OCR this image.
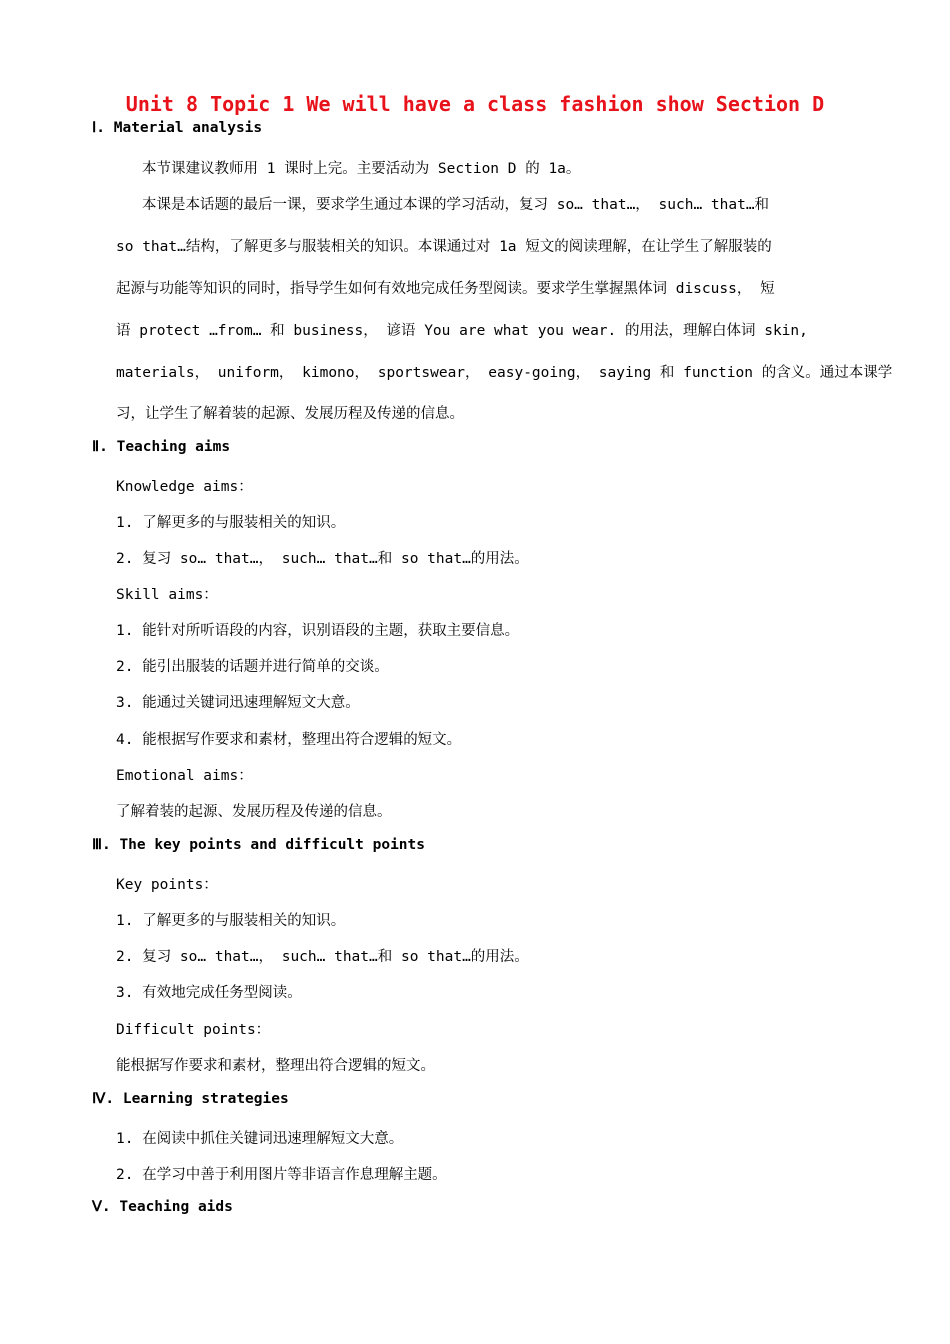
Unit 8 Topic 1 We will have a class fashion show Section D
Ⅰ. Material analysis
本节课建议教师用 1 课时上完。主要活动为 Section D 的 1a。
本课是本话题的最后一课，要求学生通过本课的学习活动，复习 so… that…， such… that…和
so that…结构，了解更多与服装相关的知识。本课通过对 1a 短文的阅读理解，在让学生了解服装的
起源与功能等知识的同时，指导学生如何有效地完成任务型阅读。要求学生掌握黑体词 discuss， 短
语 protect …from… 和 business， 谚语 You are what you wear. 的用法，理解白体词 skin,
materials， uniform， kimono， sportswear， easy-going， saying 和 function 的含义。通过本课学
习，让学生了解着装的起源、发展历程及传递的信息。
Ⅱ. Teaching aims
Knowledge aims：
1. 了解更多的与服装相关的知识。
2. 复习 so… that…， such… that…和 so that…的用法。
Skill aims：
1. 能针对所听语段的内容，识别语段的主题，获取主要信息。
2. 能引出服装的话题并进行简单的交谈。
3. 能通过关键词迅速理解短文大意。
4. 能根据写作要求和素材，整理出符合逻辑的短文。
Emotional aims：
了解着装的起源、发展历程及传递的信息。
Ⅲ. The key points and difficult points
Key points：
1. 了解更多的与服装相关的知识。
2. 复习 so… that…， such… that…和 so that…的用法。
3. 有效地完成任务型阅读。
Difficult points：
能根据写作要求和素材，整理出符合逻辑的短文。
Ⅳ. Learning strategies
1. 在阅读中抓住关键词迅速理解短文大意。
2. 在学习中善于利用图片等非语言作息理解主题。
Ⅴ. Teaching aids
